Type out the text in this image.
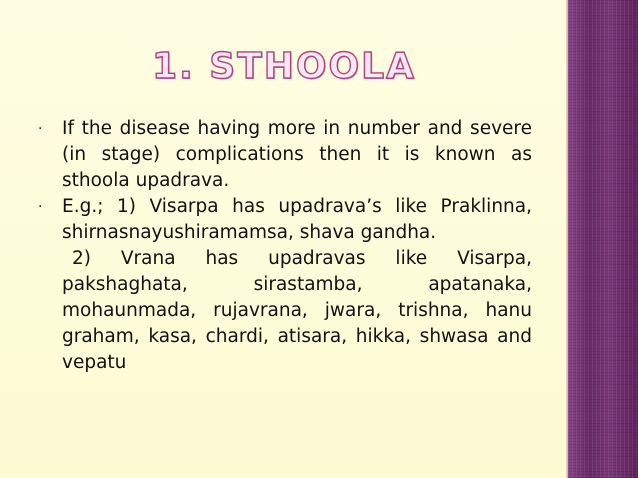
1. STHOOLA

· If the disease having more in number and severe (in stage) complications then it is known as sthoola upadrava.

· E.g.; 1) Visarpa has upadrava’s like Praklinna, shirnasnayushiramamsa, shava gandha.

2) Vrana has upadravas like Visarpa, pakshaghata, sirastamba, apatanaka, mohaunmada, rujavrana, jwara, trishna, hanu graham, kasa, chardi, atisara, hikka, shwasa and vepatu
